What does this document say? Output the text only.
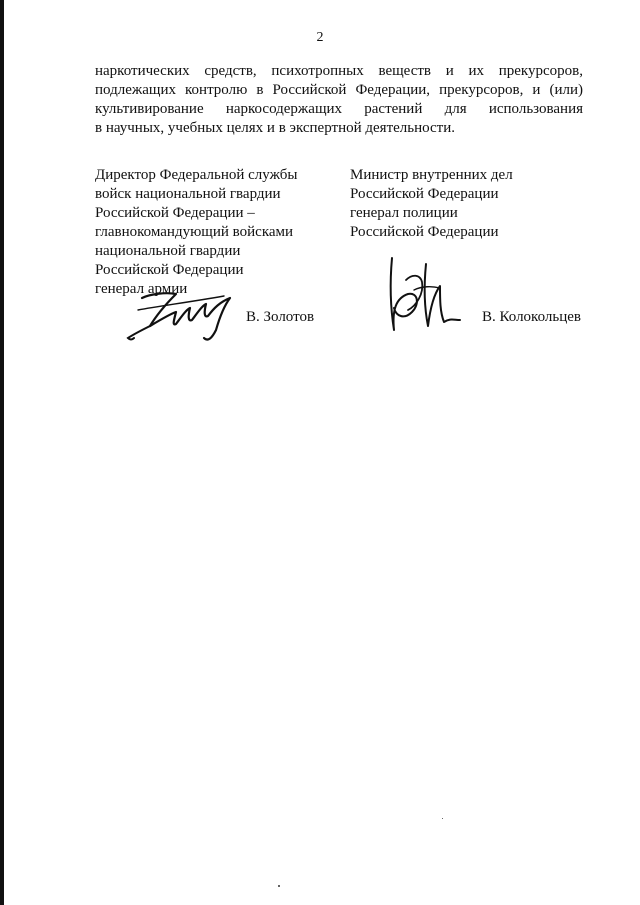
2
наркотических средств, психотропных веществ и их прекурсоров,
подлежащих контролю в Российской Федерации, прекурсоров, и (или)
культивирование наркосодержащих растений для использования
в научных, учебных целях и в экспертной деятельности.
Директор Федеральной службы
войск национальной гвардии
Российской Федерации –
главнокомандующий войсками
национальной гвардии
Российской Федерации
генерал армии
Министр внутренних дел
Российской Федерации
генерал полиции
Российской Федерации
В. Золотов	В. Колокольцев
